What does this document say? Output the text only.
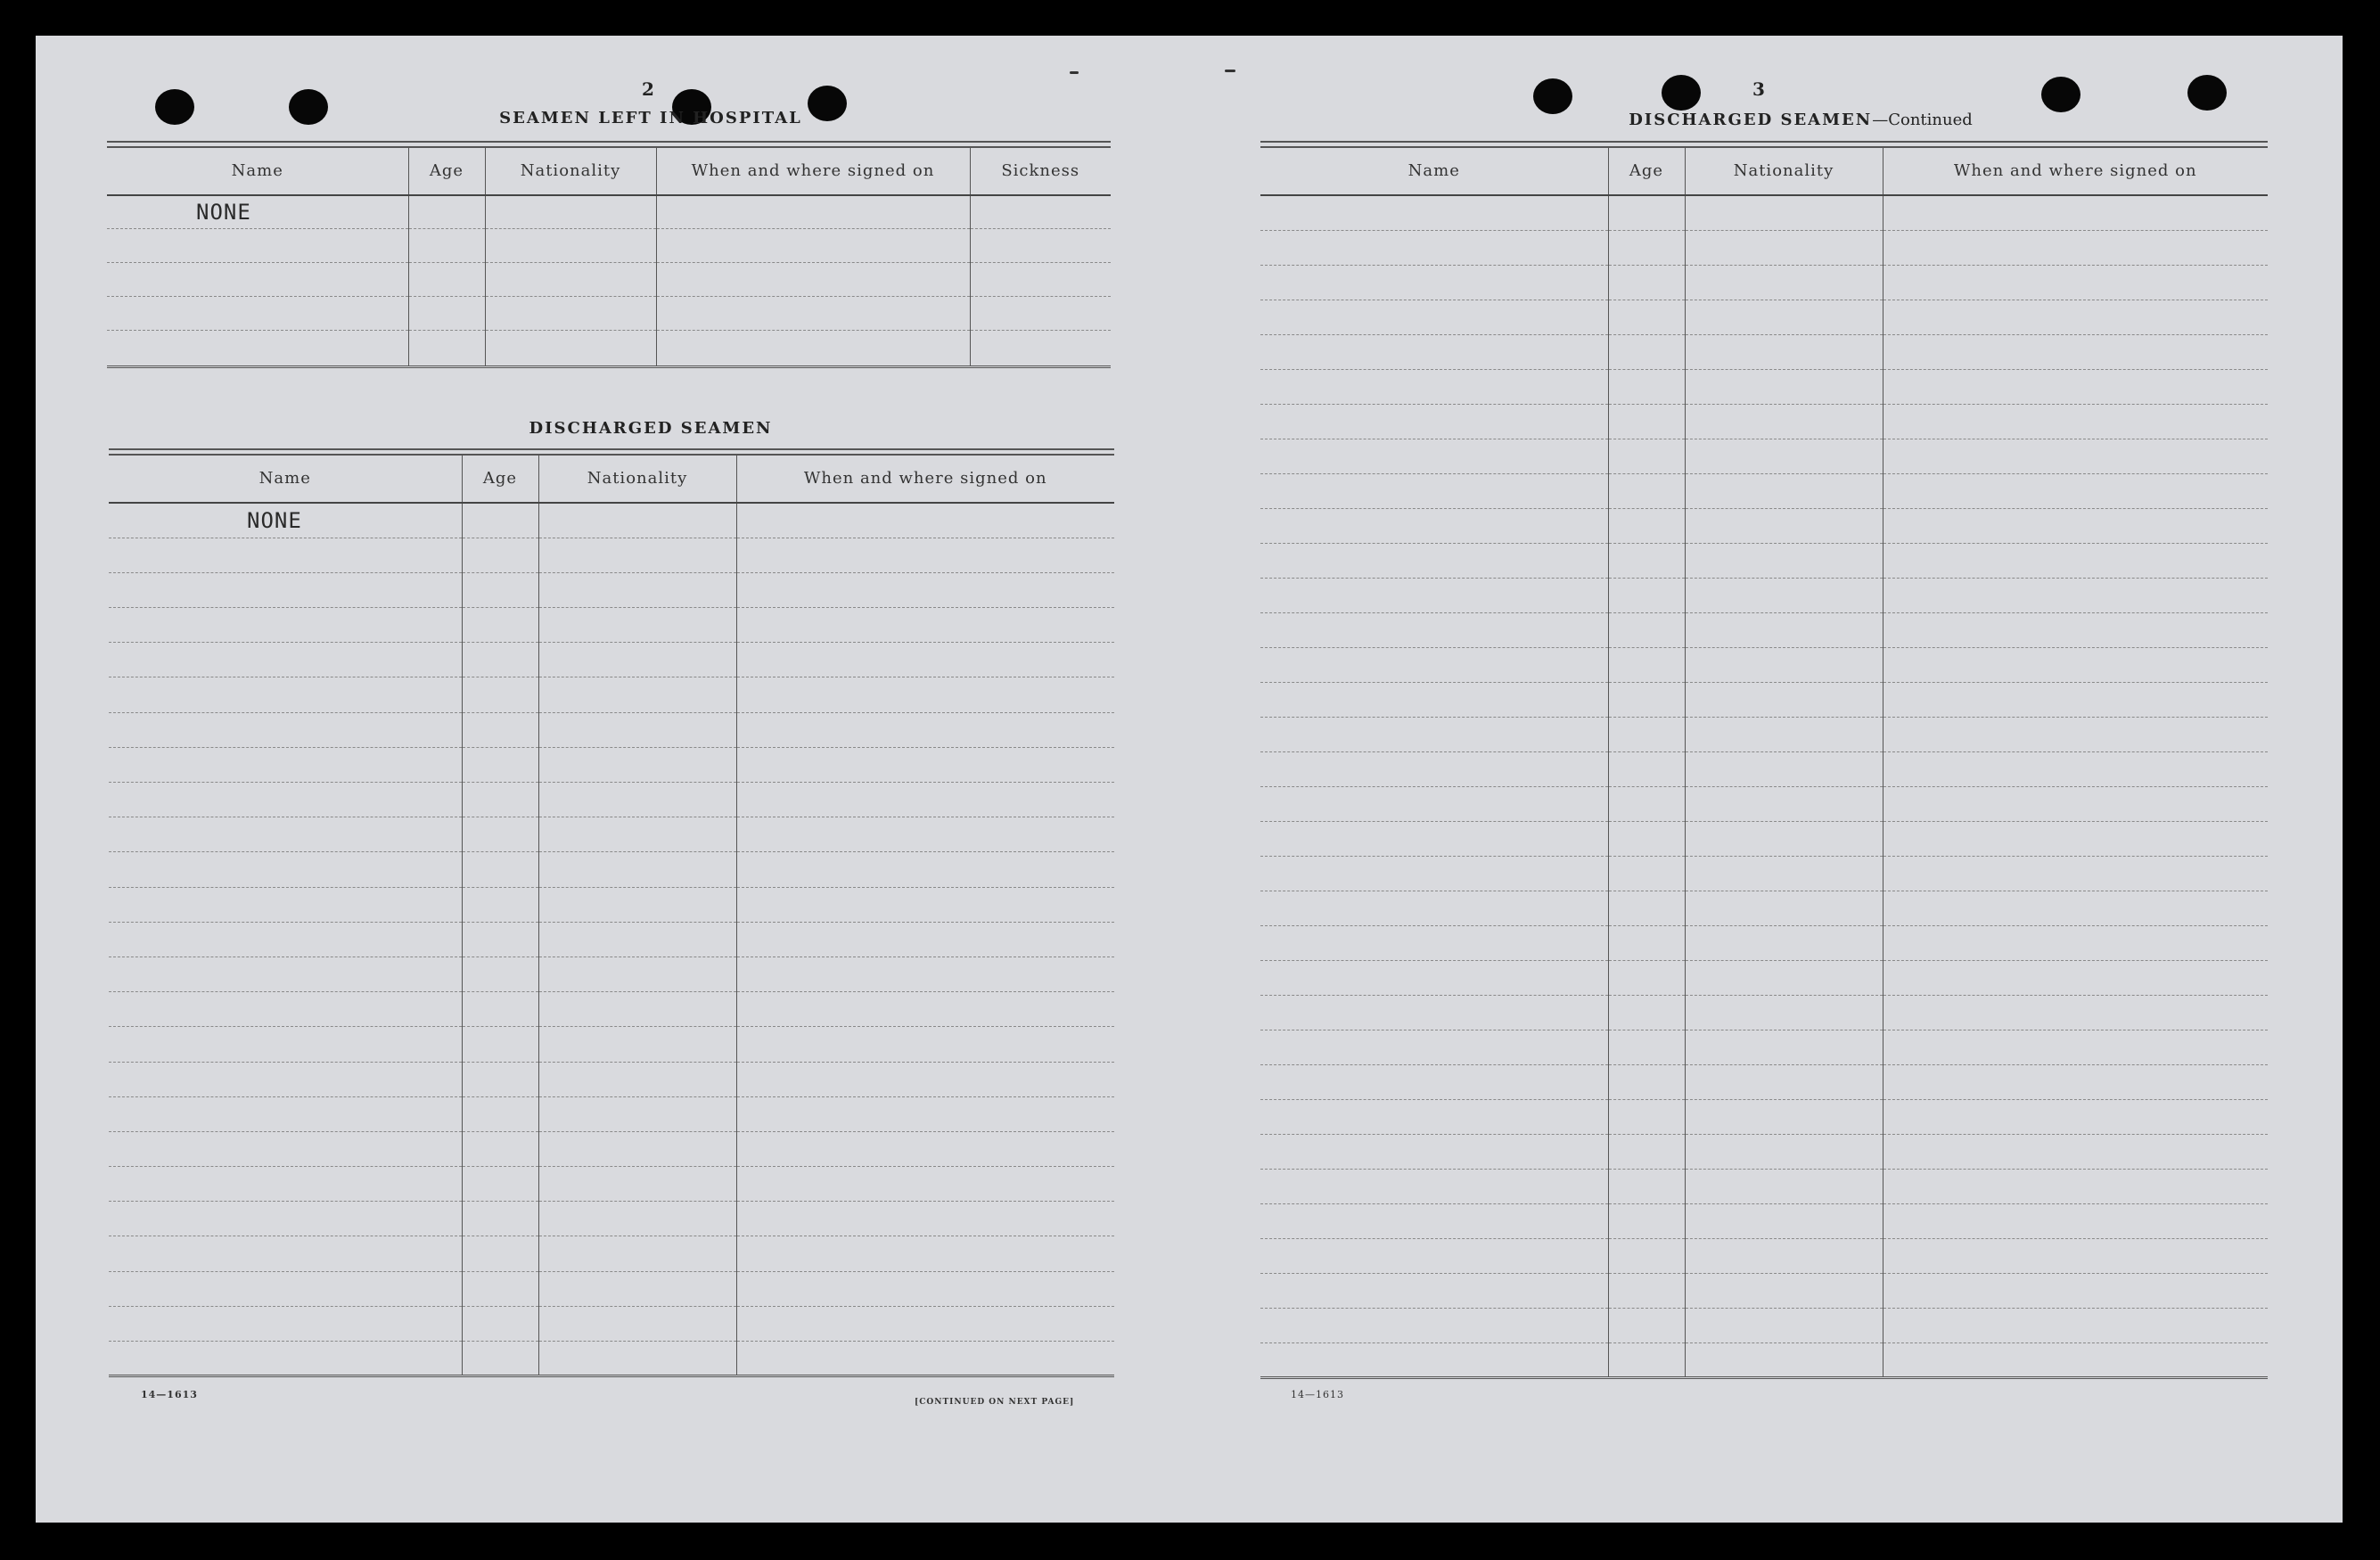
2
SEAMEN LEFT IN HOSPITAL
Name	Age	Nationality	When and where signed on	Sickness
NONE				

DISCHARGED SEAMEN
Name	Age	Nationality	When and where signed on
NONE			

14—1613
[CONTINUED ON NEXT PAGE]
3
DISCHARGED SEAMEN—Continued
Name	Age	Nationality	When and where signed on

14—1613
